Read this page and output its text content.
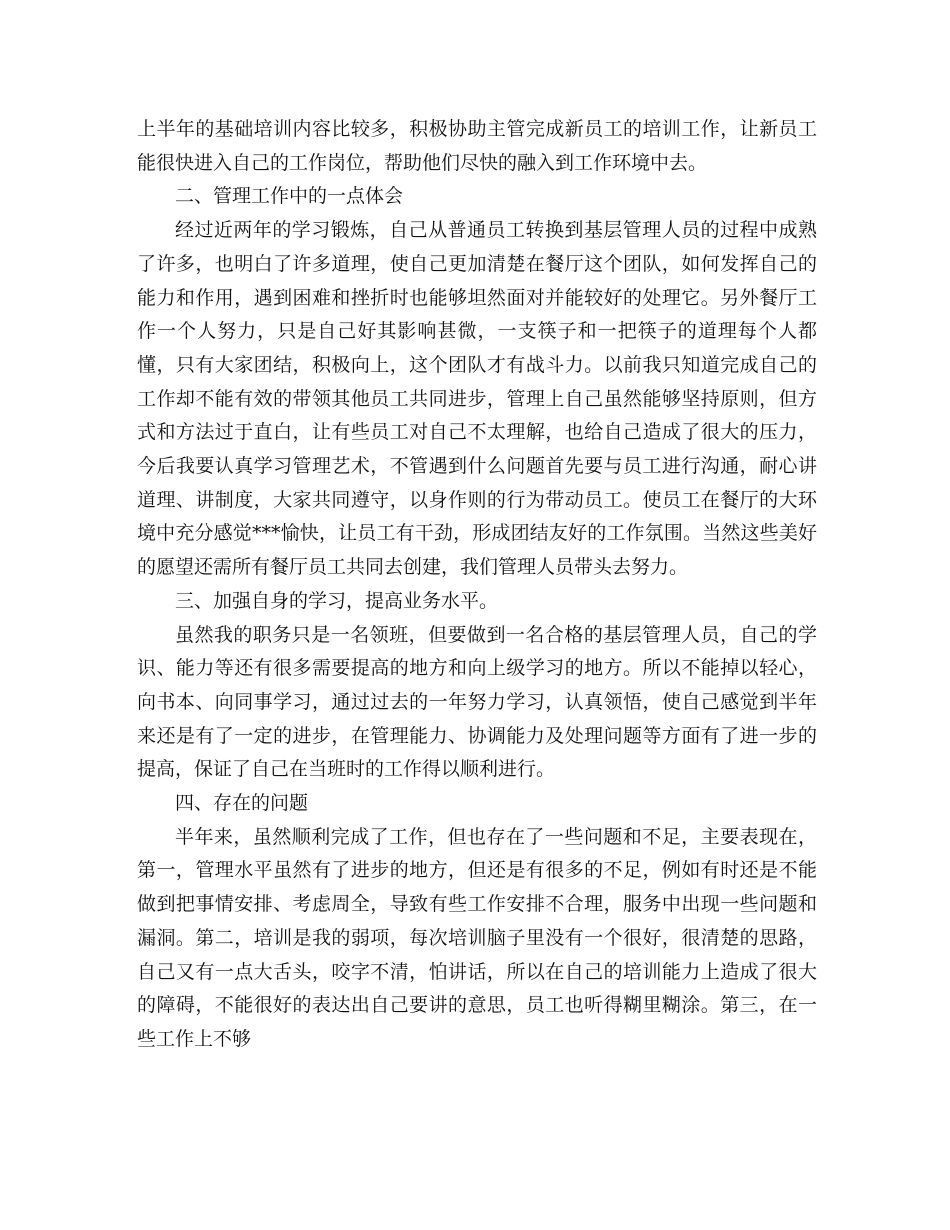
上半年的基础培训内容比较多，积极协助主管完成新员工的培训工作，让新员工能很快进入自己的工作岗位，帮助他们尽快的融入到工作环境中去。

二、管理工作中的一点体会

经过近两年的学习锻炼，自己从普通员工转换到基层管理人员的过程中成熟了许多，也明白了许多道理，使自己更加清楚在餐厅这个团队，如何发挥自己的能力和作用，遇到困难和挫折时也能够坦然面对并能较好的处理它。另外餐厅工作一个人努力，只是自己好其影响甚微，一支筷子和一把筷子的道理每个人都懂，只有大家团结，积极向上，这个团队才有战斗力。以前我只知道完成自己的工作却不能有效的带领其他员工共同进步，管理上自己虽然能够坚持原则，但方式和方法过于直白，让有些员工对自己不太理解，也给自己造成了很大的压力，今后我要认真学习管理艺术，不管遇到什么问题首先要与员工进行沟通，耐心讲道理、讲制度，大家共同遵守，以身作则的行为带动员工。使员工在餐厅的大环境中充分感觉***愉快，让员工有干劲，形成团结友好的工作氛围。当然这些美好的愿望还需所有餐厅员工共同去创建，我们管理人员带头去努力。

三、加强自身的学习，提高业务水平。

虽然我的职务只是一名领班，但要做到一名合格的基层管理人员，自己的学识、能力等还有很多需要提高的地方和向上级学习的地方。所以不能掉以轻心，向书本、向同事学习，通过过去的一年努力学习，认真领悟，使自己感觉到半年来还是有了一定的进步，在管理能力、协调能力及处理问题等方面有了进一步的提高，保证了自己在当班时的工作得以顺利进行。

四、存在的问题

半年来，虽然顺利完成了工作，但也存在了一些问题和不足，主要表现在，第一，管理水平虽然有了进步的地方，但还是有很多的不足，例如有时还是不能做到把事情安排、考虑周全，导致有些工作安排不合理，服务中出现一些问题和漏洞。第二，培训是我的弱项，每次培训脑子里没有一个很好，很清楚的思路，自己又有一点大舌头，咬字不清，怕讲话，所以在自己的培训能力上造成了很大的障碍，不能很好的表达出自己要讲的意思，员工也听得糊里糊涂。第三，在一些工作上不够
